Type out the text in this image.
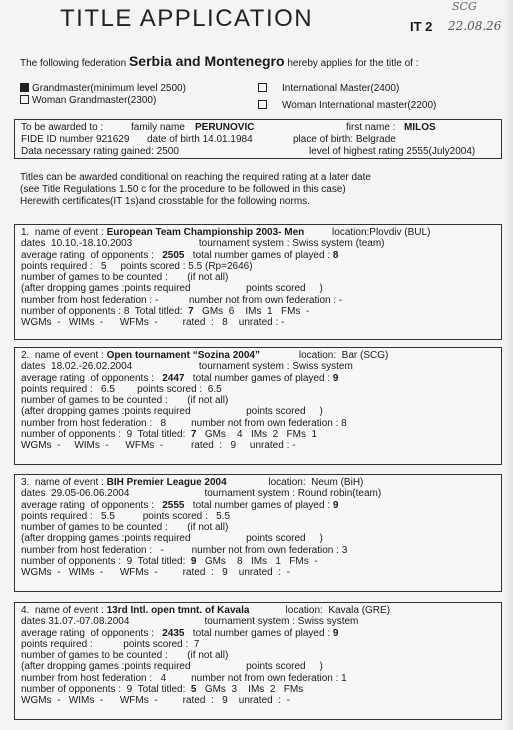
TITLE APPLICATION	SCG
IT 2 22.08.26
The following federation Serbia and Montenegro hereby applies for the title of :
Grandmaster(minimum level 2500)
Woman Grandmaster(2300)
International Master(2400)
Woman International master(2200)
To be awarded to :	family name PERUNOVIC	first name : MILOS
FIDE ID number 921629 date of birth 14.01.1984	place of birth: Belgrade
Data necessary rating gained: 2500	level of highest rating 2555(July2004)
Titles can be awarded conditional on reaching the required rating at a later date
(see Title Regulations 1.50 c for the procedure to be followed in this case)
Herewith certificates(IT 1s)and crosstable for the following norms.
1.  name of event : European Team Championship 2003- Men          location:Plovdiv (BUL)
dates  10.10.-18.10.2003                        tournament system : Swiss system (team)
average rating  of opponents :   2505   total number games of played : 8
points required :   5     points scored : 5.5 (Rp=2646)
number of games to be counted :       (if not all)
(after dropping games :points required                    points scored     )
number from host federation : -           number not from own federation : -
number of opponents : 8  Total titled:  7   GMs  6    IMs  1   FMs  -
WGMs  -   WIMs  -      WFMs  -         rated  :   8    unrated : -
2.  name of event : Open tournament “Sozina 2004”              location:  Bar (SCG)
dates  18.02.-26.02.2004                        tournament system : Swiss system
average rating  of opponents :   2447   total number games of played : 9
points required :   6.5        points scored :  6.5
number of games to be counted :       (if not all)
(after dropping games :points required                    points scored     )
number from host federation :   8         number not from own federation : 8
number of opponents :  9  Total titled:  7   GMs    4   IMs  2   FMs  1
WGMs  -     WIMs  -      WFMs  -          rated  :   9     unrated : -
3.  name of event : BIH Premier League 2004               location:  Neum (BiH)
dates  29.05-06.06.2004                           tournament system : Round robin(team)
average rating  of opponents :   2555   total number games of played : 9
points required :   5.5          points scored :   5.5
number of games to be counted :       (if not all)
(after dropping games :points required                    points scored     )
number from host federation :   -          number not from own federation : 3
number of opponents :  9  Total titled:  9   GMs    8   IMs   1   FMs  -
WGMs  -   WIMs  -      WFMs  -         rated  :   9    unrated  :  -
4.  name of event : 13rd Intl. open tmnt. of Kavala             location:  Kavala (GRE)
dates 31.07.-07.08.2004                           tournament system : Swiss system
average rating  of opponents :   2435   total number games of played : 9
points required :           points scored :  7
number of games to be counted :       (if not all)
(after dropping games :points required                    points scored     )
number from host federation :   4         number not from own federation : 1
number of opponents :  9  Total titled:  5   GMs  3    IMs  2   FMs
WGMs  -   WIMs  -      WFMs  -         rated  :   9    unrated  :  -
